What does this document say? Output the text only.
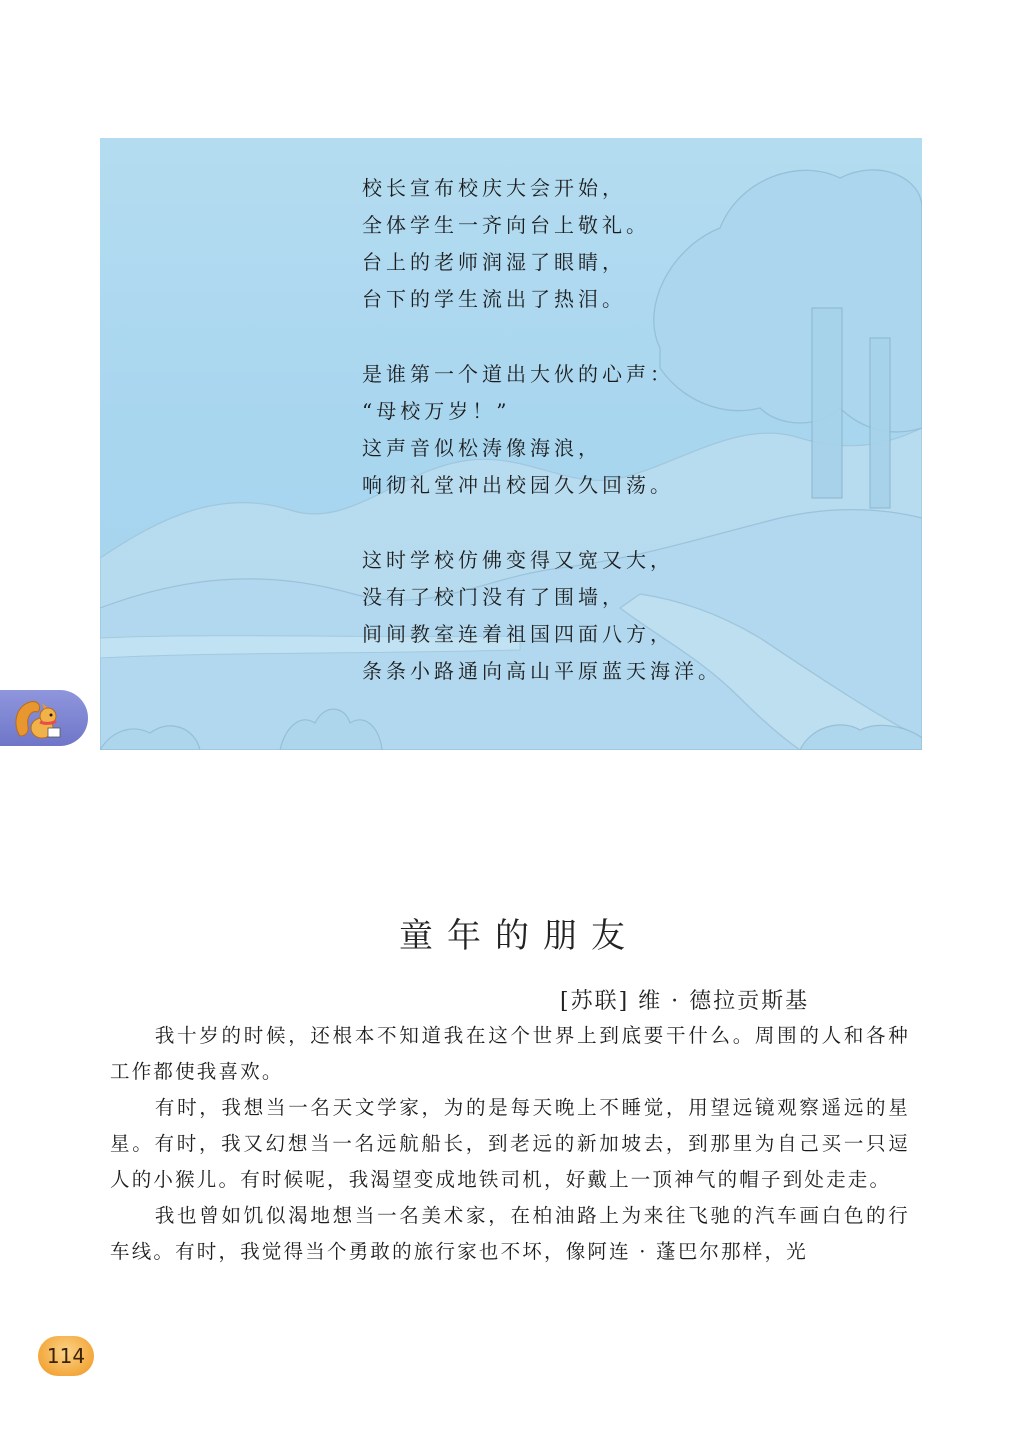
校长宣布校庆大会开始，
全体学生一齐向台上敬礼。
台上的老师润湿了眼睛，
台下的学生流出了热泪。
是谁第一个道出大伙的心声：
“母校万岁！”
这声音似松涛像海浪，
响彻礼堂冲出校园久久回荡。
这时学校仿佛变得又宽又大，
没有了校门没有了围墙，
间间教室连着祖国四面八方，
条条小路通向高山平原蓝天海洋。
童年的朋友
[苏联] 维 · 德拉贡斯基

我十岁的时候，还根本不知道我在这个世界上到底要干什么。周围的人和各种工作都使我喜欢。

有时，我想当一名天文学家，为的是每天晚上不睡觉，用望远镜观察遥远的星星。有时，我又幻想当一名远航船长，到老远的新加坡去，到那里为自己买一只逗人的小猴儿。有时候呢，我渴望变成地铁司机，好戴上一顶神气的帽子到处走走。

我也曾如饥似渴地想当一名美术家，在柏油路上为来往飞驰的汽车画白色的行车线。有时，我觉得当个勇敢的旅行家也不坏，像阿连 · 蓬巴尔那样，光

114
